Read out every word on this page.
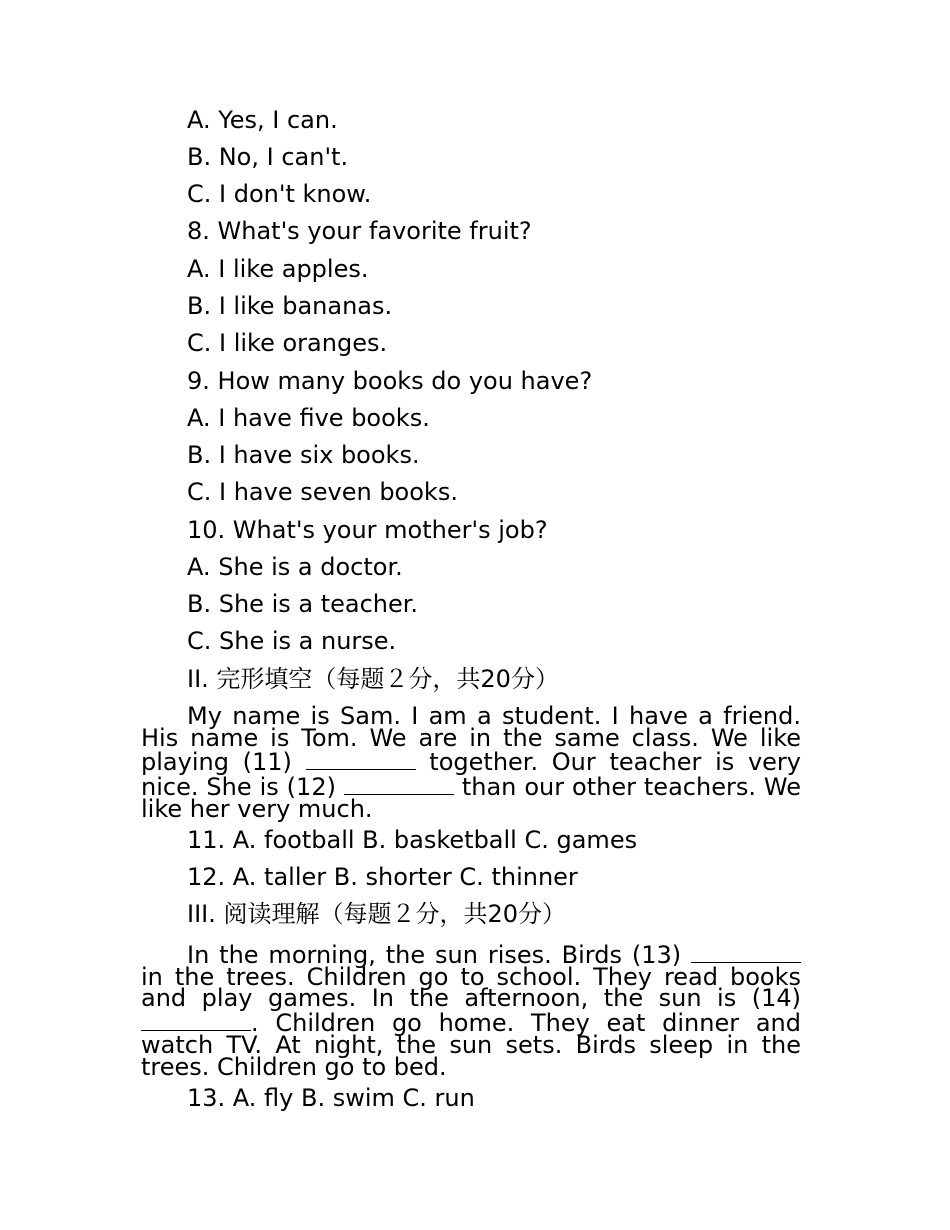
A. Yes, I can.
B. No, I can't.
C. I don't know.
8. What's your favorite fruit?
A. I like apples.
B. I like bananas.
C. I like oranges.
9. How many books do you have?
A. I have five books.
B. I have six books.
C. I have seven books.
10. What's your mother's job?
A. She is a doctor.
B. She is a teacher.
C. She is a nurse.
II. 完形填空（每题２分，共20分）

My name is Sam. I am a student. I have a friend. His name is Tom. We are in the same class. We like playing (11)	together. Our teacher is very nice. She is (12)	than our other teachers. We like her very much.

11. A. football B. basketball C. games
12. A. taller B. shorter C. thinner
III. 阅读理解（每题２分，共20分）

In the morning, the sun rises. Birds (13)  in the trees. Children go to school. They read books and play games. In the afternoon, the sun is (14) . Children go home. They eat dinner and watch TV. At night, the sun sets. Birds sleep in the trees. Children go to bed.

13. A. fly B. swim C. run
